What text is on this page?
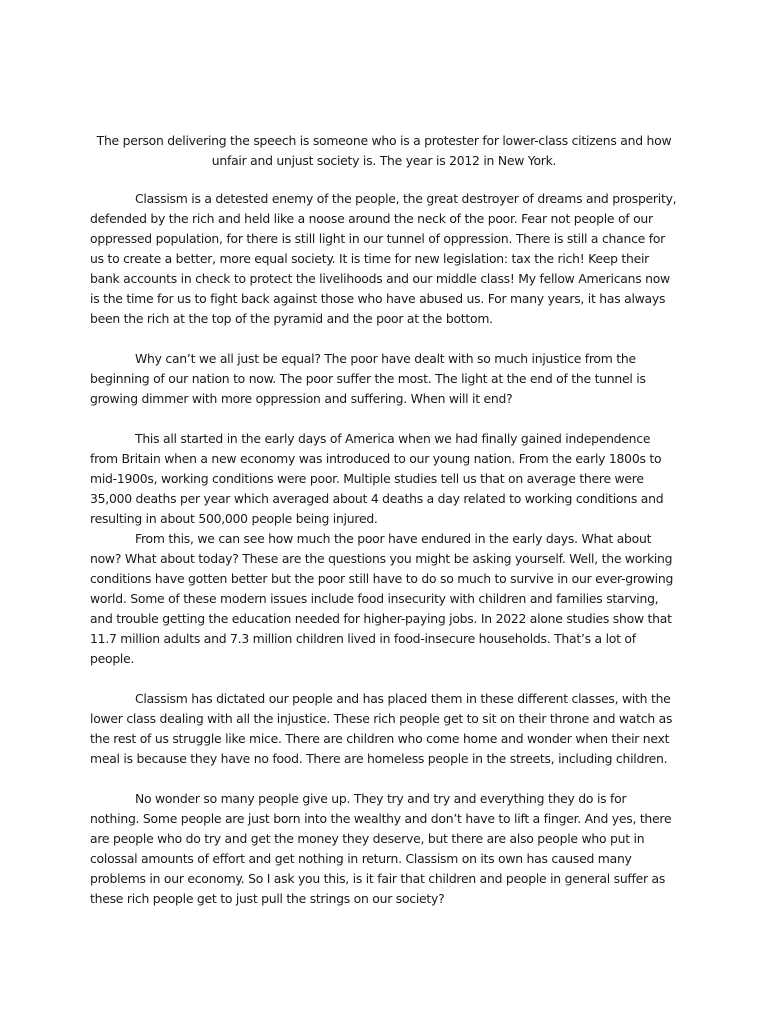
The person delivering the speech is someone who is a protester for lower-class citizens and how unfair and unjust society is. The year is 2012 in New York.

Classism is a detested enemy of the people, the great destroyer of dreams and prosperity, defended by the rich and held like a noose around the neck of the poor. Fear not people of our oppressed population, for there is still light in our tunnel of oppression. There is still a chance for us to create a better, more equal society. It is time for new legislation: tax the rich! Keep their bank accounts in check to protect the livelihoods and our middle class! My fellow Americans now is the time for us to fight back against those who have abused us. For many years, it has always been the rich at the top of the pyramid and the poor at the bottom.

Why can’t we all just be equal? The poor have dealt with so much injustice from the beginning of our nation to now. The poor suffer the most. The light at the end of the tunnel is growing dimmer with more oppression and suffering. When will it end?

This all started in the early days of America when we had finally gained independence from Britain when a new economy was introduced to our young nation. From the early 1800s to mid-1900s, working conditions were poor. Multiple studies tell us that on average there were 35,000 deaths per year which averaged about 4 deaths a day related to working conditions and resulting in about 500,000 people being injured.

From this, we can see how much the poor have endured in the early days. What about now? What about today? These are the questions you might be asking yourself. Well, the working conditions have gotten better but the poor still have to do so much to survive in our ever-growing world. Some of these modern issues include food insecurity with children and families starving, and trouble getting the education needed for higher-paying jobs. In 2022 alone studies show that 11.7 million adults and 7.3 million children lived in food-insecure households. That’s a lot of people.

Classism has dictated our people and has placed them in these different classes, with the lower class dealing with all the injustice. These rich people get to sit on their throne and watch as the rest of us struggle like mice. There are children who come home and wonder when their next meal is because they have no food. There are homeless people in the streets, including children.

No wonder so many people give up. They try and try and everything they do is for nothing. Some people are just born into the wealthy and don’t have to lift a finger. And yes, there are people who do try and get the money they deserve, but there are also people who put in colossal amounts of effort and get nothing in return. Classism on its own has caused many problems in our economy. So I ask you this, is it fair that children and people in general suffer as these rich people get to just pull the strings on our society?
